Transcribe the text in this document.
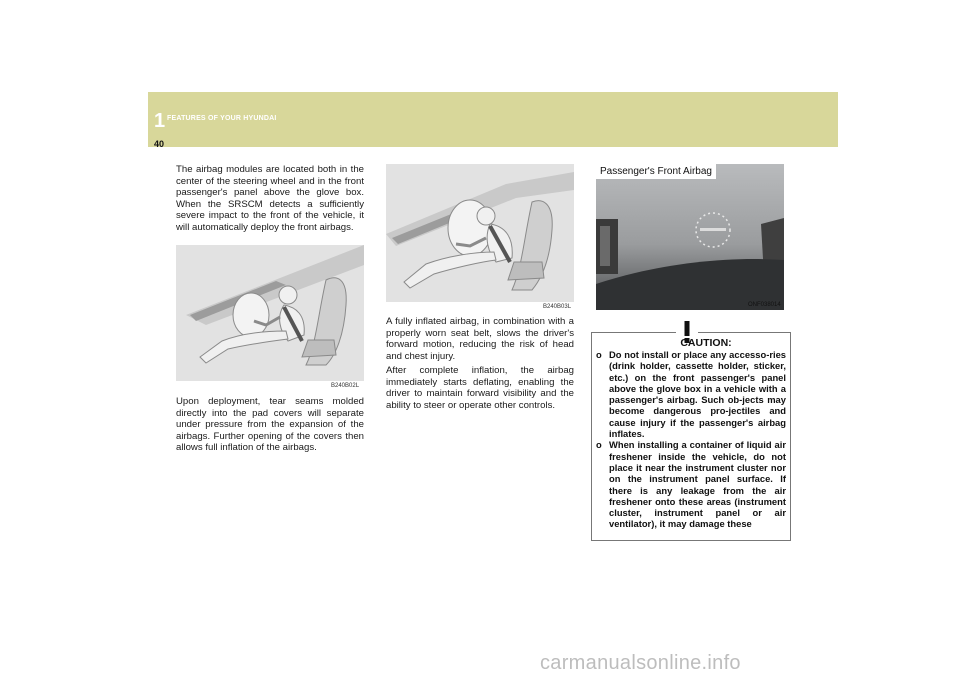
1 FEATURES OF YOUR HYUNDAI
40

The airbag modules are located both in the center of the steering wheel and in the front passenger's panel above the glove box. When the SRSCM detects a sufficiently severe impact to the front of the vehicle, it will automatically deploy the front airbags.

B240B02L

Upon deployment, tear seams molded directly into the pad covers will separate under pressure from the expansion of the airbags. Further opening of the covers then allows full inflation of the airbags.

B240B03L

A fully inflated airbag, in combination with a properly worn seat belt, slows the driver's forward motion, reducing the risk of head and chest injury.

After complete inflation, the airbag immediately starts deflating, enabling the driver to maintain forward visibility and the ability to steer or operate other controls.

Passenger's Front Airbag
ONF038014
CAUTION:
o Do not install or place any accesso-ries (drink holder, cassette holder, sticker, etc.) on the front passenger's panel above the glove box in a vehicle with a passenger's airbag. Such ob-jects may become dangerous pro-jectiles and cause injury if the passenger's airbag inflates.
o When installing a container of liquid air freshener inside the vehicle, do not place it near the instrument cluster nor on the instrument panel surface. If there is any leakage from the air freshener onto these areas (instrument cluster, instrument panel or air ventilator), it may damage these
carmanualsonline.info
